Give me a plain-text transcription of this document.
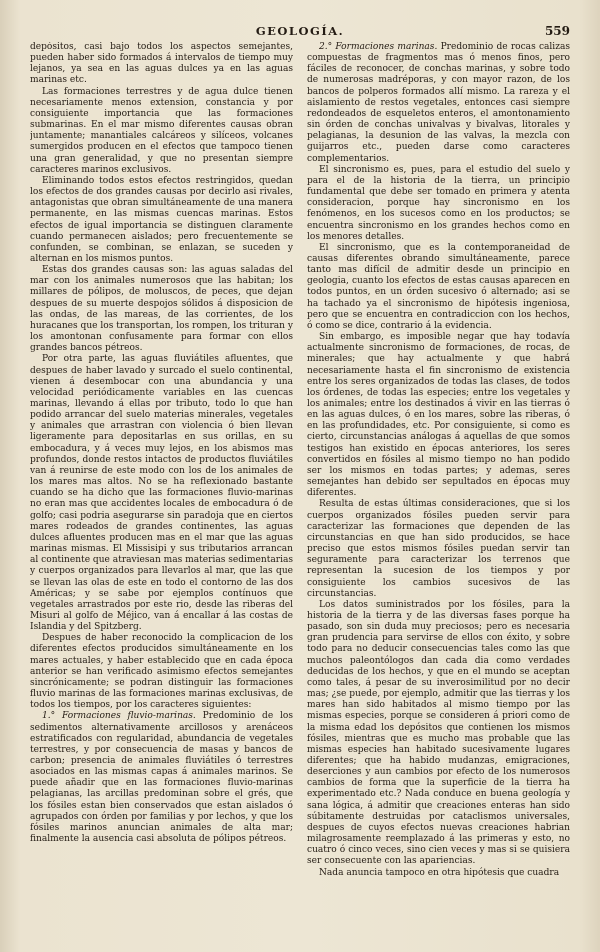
GEOLOGÍA.	559

depósitos, casi bajo todos los aspectos semejantes, pueden haber sido formados á intervalos de tiempo muy lejanos, ya sea en las aguas dulces ya en las aguas marinas etc.

Las formaciones terrestres y de agua dulce tienen necesariamente menos extension, constancia y por consiguiente importancia que las formaciones submarinas. En el mar mismo diferentes causas obran juntamente; manantiales calcáreos y silíceos, volcanes sumergidos producen en el efectos que tampoco tienen una gran generalidad, y que no presentan siempre caracteres marinos exclusivos.

Eliminando todos estos efectos restringidos, quedan los efectos de dos grandes causas por decirlo asi rivales, antagonistas que obran simultáneamente de una manera permanente, en las mismas cuencas marinas. Estos efectos de igual importancia se distinguen claramente cuando permanecen aislados; pero frecuentemente se confunden, se combinan, se enlazan, se suceden y alternan en los mismos puntos.

Estas dos grandes causas son: las aguas saladas del mar con los animales numerosos que las habitan; los millares de pólipos, de moluscos, de peces, que dejan despues de su muerte despojos sólidos á disposicion de las ondas, de las mareas, de las corrientes, de los huracanes que los transportan, los rompen, los trituran y los amontonan confusamente para formar con ellos grandes bancos pétreos.

Por otra parte, las aguas fluviátiles afluentes, que despues de haber lavado y surcado el suelo continental, vienen á desembocar con una abundancia y una velocidad periódicamente variables en las cuencas marinas, llevando á ellas por tributo, todo lo que han podido arrancar del suelo materias minerales, vegetales y animales que arrastran con violencia ó bien llevan ligeramente para depositarlas en sus orillas, en su embocadura, y á veces muy lejos, en los abismos mas profundos, donde restos intactos de productos fluviátiles van á reunirse de este modo con los de los animales de los mares mas altos. No se ha reflexionado bastante cuando se ha dicho que las formaciones fluvio-marinas no eran mas que accidentes locales de embocadura ó de golfo; casi podria asegurarse sin paradoja que en ciertos mares rodeados de grandes continentes, las aguas dulces afluentes producen mas en el mar que las aguas marinas mismas. El Missisipi y sus tributarios arrancan al continente que atraviesan mas materias sedimentarias y cuerpos organizados para llevarlos al mar, que las que se llevan las olas de este en todo el contorno de las dos Américas; y se sabe por ejemplos contínuos que vegetales arrastrados por este rio, desde las riberas del Misuri al golfo de Méjico, van á encallar á las costas de Islandia y del Spitzberg.

Despues de haber reconocido la complicacion de los diferentes efectos producidos simultáneamente en los mares actuales, y haber establecido que en cada época anterior se han verificado asimismo efectos semejantes sincrónicamente; se podran distinguir las formaciones fluvio marinas de las formaciones marinas exclusivas, de todos los tiempos, por los caracteres siguientes:

1.° Formaciones fluvio-marinas. Predominio de los sedimentos alternativamente arcillosos y arenáceos estratificados con regularidad, abundancia de vegetales terrestres, y por consecuencia de masas y bancos de carbon; presencia de animales fluviátiles ó terrestres asociados en las mismas capas á animales marinos. Se puede añadir que en las formaciones fluvio-marinas pelagianas, las arcillas predominan sobre el grés, que los fósiles estan bien conservados que estan aislados ó agrupados con órden por familias y por lechos, y que los fósiles marinos anuncian animales de alta mar; finalmente la ausencia casi absoluta de pólipos pétreos.

2.° Formaciones marinas. Predominio de rocas calizas compuestas de fragmentos mas ó menos finos, pero fáciles de reconocer, de conchas marinas, y sobre todo de numerosas madréporas, y con mayor razon, de los bancos de polperos formados allí mismo. La rareza y el aislamiento de restos vegetales, entonces casi siempre redondeados de esqueletos enteros, el amontonamiento sin órden de conchas univalvas y bivalvas, litorales y pelagianas, la desunion de las valvas, la mezcla con guijarros etc., pueden darse como caracteres complementarios.

El sincronismo es, pues, para el estudio del suelo y para el de la historia de la tierra, un principio fundamental que debe ser tomado en primera y atenta consideracion, porque hay sincronismo en los fenómenos, en los sucesos como en los productos; se encuentra sincronismo en los grandes hechos como en los menores detalles.

El sincronismo, que es la contemporaneidad de causas diferentes obrando simultáneamente, parece tanto mas difícil de admitir desde un principio en geologia, cuanto los efectos de estas causas aparecen en todos puntos, en un órden sucesivo ó alternado; asi se ha tachado ya el sincronismo de hipótesis ingeniosa, pero que se encuentra en contradiccion con los hechos, ó como se dice, contrario á la evidencia.

Sin embargo, es imposible negar que hay todavía actualmente sincronismo de formaciones, de rocas, de minerales; que hay actualmente y que habrá necesariamente hasta el fin sincronismo de existencia entre los seres organizados de todas las clases, de todos los órdenes, de todas las especies; entre los vegetales y los animales; entre los destinados á vivir en las tierras ó en las aguas dulces, ó en los mares, sobre las riberas, ó en las profundidades, etc. Por consiguiente, si como es cierto, circunstancias análogas á aquellas de que somos testigos han existido en épocas anteriores, los seres convertidos en fósiles al mismo tiempo no han podido ser los mismos en todas partes; y ademas, seres semejantes han debido ser sepultados en épocas muy diferentes.

Resulta de estas últimas consideraciones, que si los cuerpos organizados fósiles pueden servir para caracterizar las formaciones que dependen de las circunstancias en que han sido producidos, se hace preciso que estos mismos fósiles puedan servir tan seguramente para caracterizar los terrenos que representan la sucesion de los tiempos y por consiguiente los cambios sucesivos de las circunstancias.

Los datos suministrados por los fósiles, para la historia de la tierra y de las diversas fases porque ha pasado, son sin duda muy preciosos; pero es necesaria gran prudencia para servirse de ellos con éxito, y sobre todo para no deducir consecuencias tales como las que muchos paleontólogos dan cada dia como verdades deducidas de los hechos, y que en el mundo se aceptan como tales, á pesar de su inverosimilitud por no decir mas; ¿se puede, por ejemplo, admitir que las tierras y los mares han sido habitados al mismo tiempo por las mismas especies, porque se consideren á priori como de la misma edad los depósitos que contienen los mismos fósiles, mientras que es mucho mas probable que las mismas especies han habitado sucesivamente lugares diferentes; que ha habido mudanzas, emigraciones, deserciones y aun cambios por efecto de los numerosos cambios de forma que la superficie de la tierra ha experimentado etc.? Nada conduce en buena geología y sana lógica, á admitir que creaciones enteras han sido súbitamente destruidas por cataclismos universales, despues de cuyos efectos nuevas creaciones habrian milagrosamente reemplazado á las primeras y esto, no cuatro ó cinco veces, sino cien veces y mas si se quisiera ser consecuente con las apariencias.

Nada anuncia tampoco en otra hipótesis que cuadra
